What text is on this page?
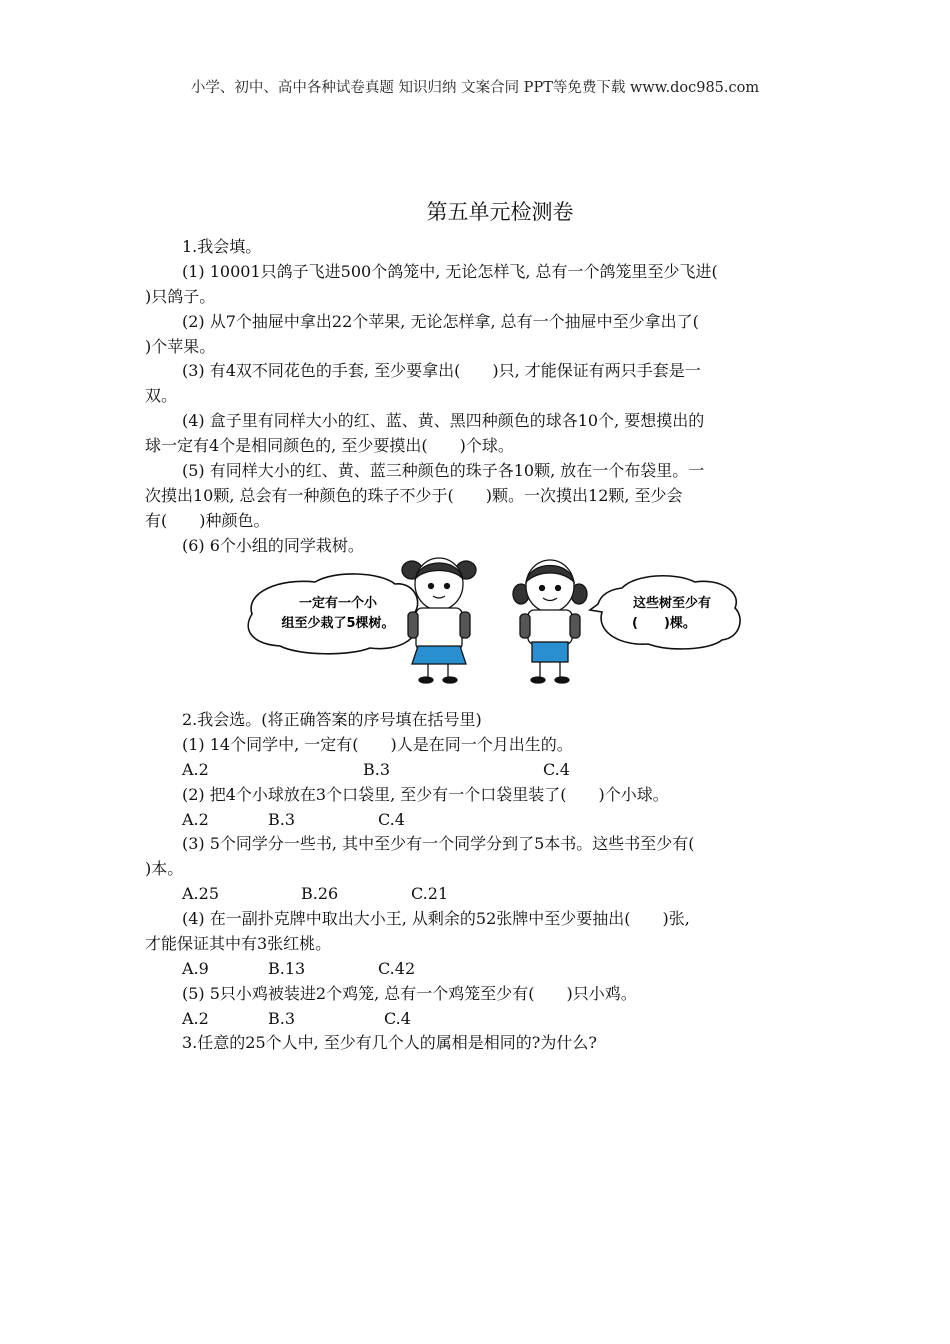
小学、初中、高中各种试卷真题 知识归纳 文案合同 PPT等免费下载 www.doc985.com
第五单元检测卷
1.我会填。
(1) 10001只鸽子飞进500个鸽笼中, 无论怎样飞, 总有一个鸽笼里至少飞进(
)只鸽子。
(2) 从7个抽屉中拿出22个苹果, 无论怎样拿, 总有一个抽屉中至少拿出了(
)个苹果。
(3) 有4双不同花色的手套, 至少要拿出(　　)只, 才能保证有两只手套是一
双。
(4) 盒子里有同样大小的红、蓝、黄、黑四种颜色的球各10个, 要想摸出的
球一定有4个是相同颜色的, 至少要摸出(　　)个球。
(5) 有同样大小的红、黄、蓝三种颜色的珠子各10颗, 放在一个布袋里。一
次摸出10颗, 总会有一种颜色的珠子不少于(　　)颗。一次摸出12颗, 至少会
有(　　)种颜色。
(6) 6个小组的同学栽树。
一定有一个小
组至少栽了5棵树。
这些树至少有
(　　)棵。
2.我会选。(将正确答案的序号填在括号里)
(1) 14个同学中, 一定有(　　)人是在同一个月出生的。
A.2	B.3	C.4
(2) 把4个小球放在3个口袋里, 至少有一个口袋里装了(　　)个小球。
A.2	B.3	C.4
(3) 5个同学分一些书, 其中至少有一个同学分到了5本书。这些书至少有(
)本。
A.25	B.26	C.21
(4) 在一副扑克牌中取出大小王, 从剩余的52张牌中至少要抽出(　　)张,
才能保证其中有3张红桃。
A.9	B.13	C.42
(5) 5只小鸡被装进2个鸡笼, 总有一个鸡笼至少有(　　)只小鸡。
A.2	B.3	C.4
3.任意的25个人中, 至少有几个人的属相是相同的?为什么?
